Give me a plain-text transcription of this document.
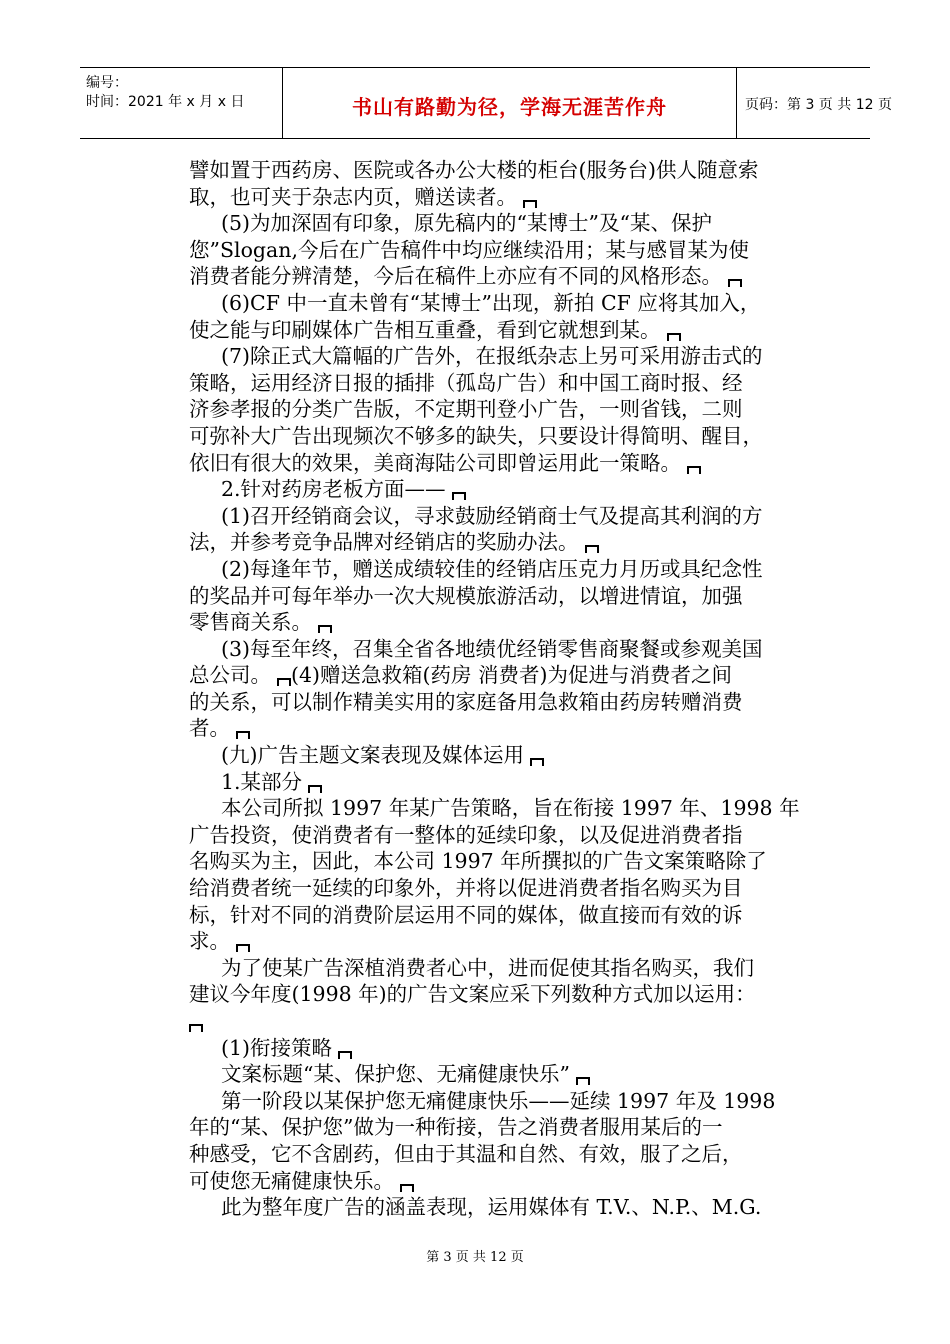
编号：
时间：2021 年 x 月 x 日	书山有路勤为径，学海无涯苦作舟	页码：第 3 页 共 12 页

譬如置于西药房、医院或各办公大楼的柜台(服务台)供人随意索

取，也可夹于杂志内页，赠送读者。

(5)为加深固有印象，原先稿内的“某博士”及“某、保护

您”Slogan,今后在广告稿件中均应继续沿用；某与感冒某为使

消费者能分辨清楚，今后在稿件上亦应有不同的风格形态。

(6)CF 中一直未曾有“某博士”出现，新拍 CF 应将其加入，

使之能与印刷媒体广告相互重叠，看到它就想到某。

(7)除正式大篇幅的广告外，在报纸杂志上另可采用游击式的

策略，运用经济日报的插排（孤岛广告）和中国工商时报、经

济参孝报的分类广告版，不定期刊登小广告，一则省钱，二则

可弥补大广告出现频次不够多的缺失，只要设计得简明、醒目，

依旧有很大的效果，美商海陆公司即曾运用此一策略。

2.针对药房老板方面——

(1)召开经销商会议，寻求鼓励经销商士气及提高其利润的方

法，并参考竞争品牌对经销店的奖励办法。

(2)每逢年节，赠送成绩较佳的经销店压克力月历或具纪念性

的奖品并可每年举办一次大规模旅游活动，以增进情谊，加强

零售商关系。

(3)每至年终，召集全省各地绩优经销零售商聚餐或参观美国

总公司。 (4)赠送急救箱(药房 消费者)为促进与消费者之间

的关系，可以制作精美实用的家庭备用急救箱由药房转赠消费

者。

(九)广告主题文案表现及媒体运用

1.某部分

本公司所拟 1997 年某广告策略，旨在衔接 1997 年、1998 年

广告投资，使消费者有一整体的延续印象，以及促进消费者指

名购买为主，因此，本公司 1997 年所撰拟的广告文案策略除了

给消费者统一延续的印象外，并将以促进消费者指名购买为目

标，针对不同的消费阶层运用不同的媒体，做直接而有效的诉

求。

为了使某广告深植消费者心中，进而促使其指名购买，我们

建议今年度(1998 年)的广告文案应采下列数种方式加以运用：

(1)衔接策略

文案标题“某、保护您、无痛健康快乐”

第一阶段以某保护您无痛健康快乐——延续 1997 年及 1998

年的“某、保护您”做为一种衔接，告之消费者服用某后的一

种感受，它不含剧药，但由于其温和自然、有效，服了之后，

可使您无痛健康快乐。

此为整年度广告的涵盖表现，运用媒体有 T.V.、N.P.、M.G.

第 3 页 共 12 页
